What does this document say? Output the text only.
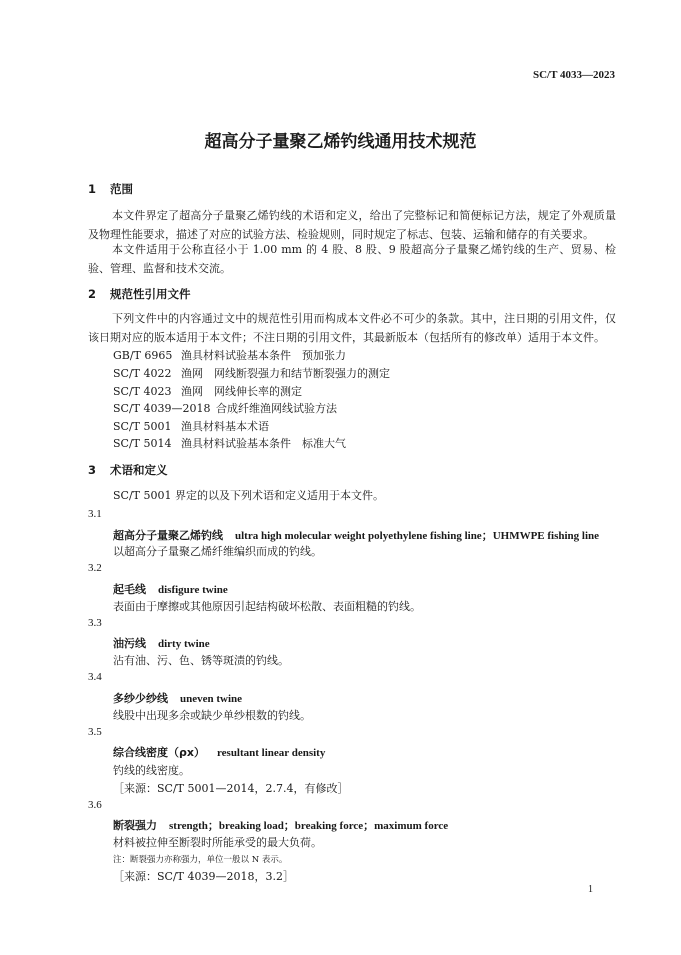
SC/T 4033—2023
超高分子量聚乙烯钓线通用技术规范
1 范围
本文件界定了超高分子量聚乙烯钓线的术语和定义，给出了完整标记和简便标记方法，规定了外观质量及物理性能要求，描述了对应的试验方法、检验规则，同时规定了标志、包装、运输和储存的有关要求。
本文件适用于公称直径小于 1.00 mm 的 4 股、8 股、9 股超高分子量聚乙烯钓线的生产、贸易、检验、管理、监督和技术交流。
2 规范性引用文件
下列文件中的内容通过文中的规范性引用而构成本文件必不可少的条款。其中，注日期的引用文件，仅该日期对应的版本适用于本文件；不注日期的引用文件，其最新版本（包括所有的修改单）适用于本文件。
GB/T 6965 渔具材料试验基本条件　预加张力
SC/T 4022 渔网　网线断裂强力和结节断裂强力的测定
SC/T 4023 渔网　网线伸长率的测定
SC/T 4039—2018 合成纤维渔网线试验方法
SC/T 5001 渔具材料基本术语
SC/T 5014 渔具材料试验基本条件　标准大气
3 术语和定义
SC/T 5001 界定的以及下列术语和定义适用于本文件。
3.1
超高分子量聚乙烯钓线 ultra high molecular weight polyethylene fishing line；UHMWPE fishing line
以超高分子量聚乙烯纤维编织而成的钓线。
3.2
起毛线 disfigure twine
表面由于摩擦或其他原因引起结构破坏松散、表面粗糙的钓线。
3.3
油污线 dirty twine
沾有油、污、色、锈等斑渍的钓线。
3.4
多纱少纱线 uneven twine
线股中出现多余或缺少单纱根数的钓线。
3.5
综合线密度（ρx） resultant linear density
钓线的线密度。
［来源：SC/T 5001—2014，2.7.4，有修改］
3.6
断裂强力 strength；breaking load；breaking force；maximum force
材料被拉伸至断裂时所能承受的最大负荷。
注：断裂强力亦称强力，单位一般以 N 表示。
［来源：SC/T 4039—2018，3.2］
1
